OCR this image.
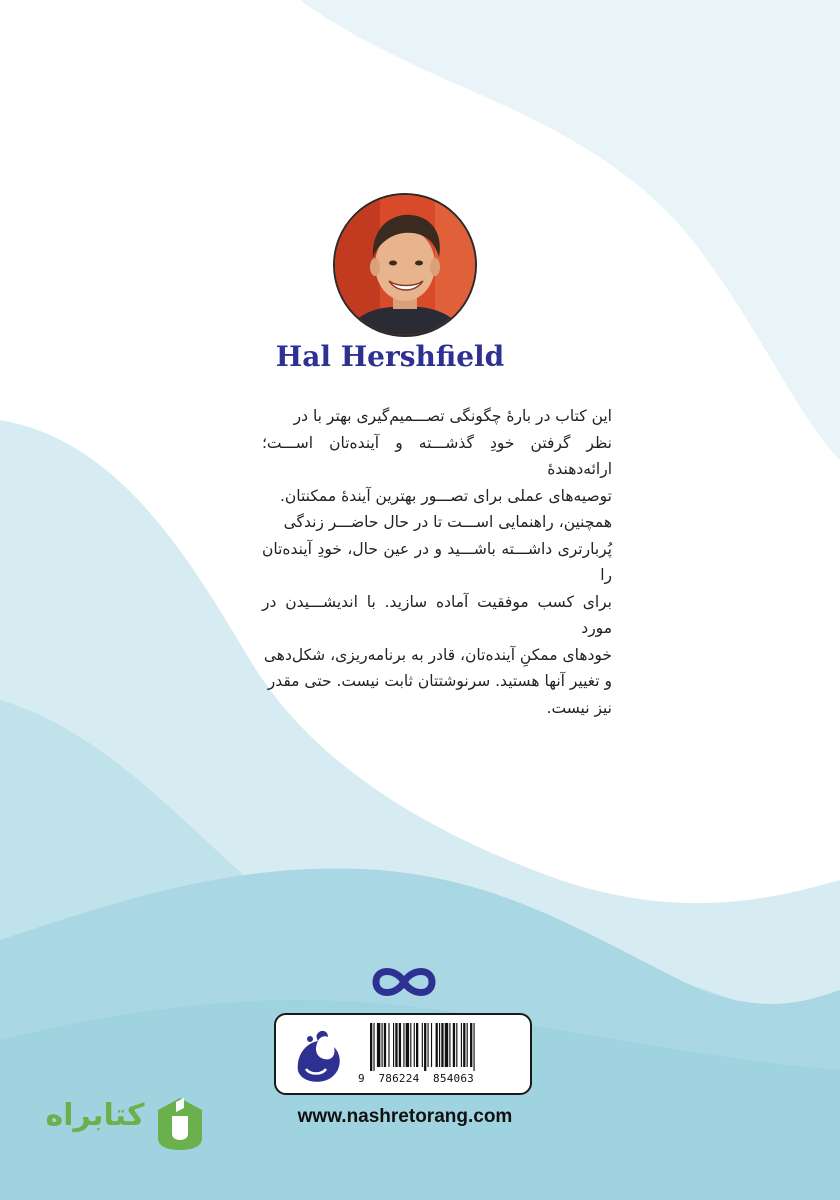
Hal Hershfield

این کتاب در بارهٔ چگونگی تصـــمیم‌گیری بهتر با در

نظر گرفتن خودِ گذشـــته و آینده‌تان اســـت؛ ارائه‌دهندهٔ

توصیه‌های عملی برای تصـــور بهترین آیندهٔ ممکنتان.

همچنین، راهنمایی اســـت تا در حال حاضـــر زندگی

پُربارتری داشـــته باشـــید و در عین حال، خودِ آینده‌تان را

برای کسب موفقیت آماده سازید. با اندیشـــیدن در مورد

خودهای ممکنِ آینده‌تان، قادر به برنامه‌ریزی، شکل‌دهی

و تغییر آنها هستید. سرنوشتتان ثابت نیست. حتی مقدر

نیز نیست.

9  786224  854063
www.nashretorang.com
کتابراه
